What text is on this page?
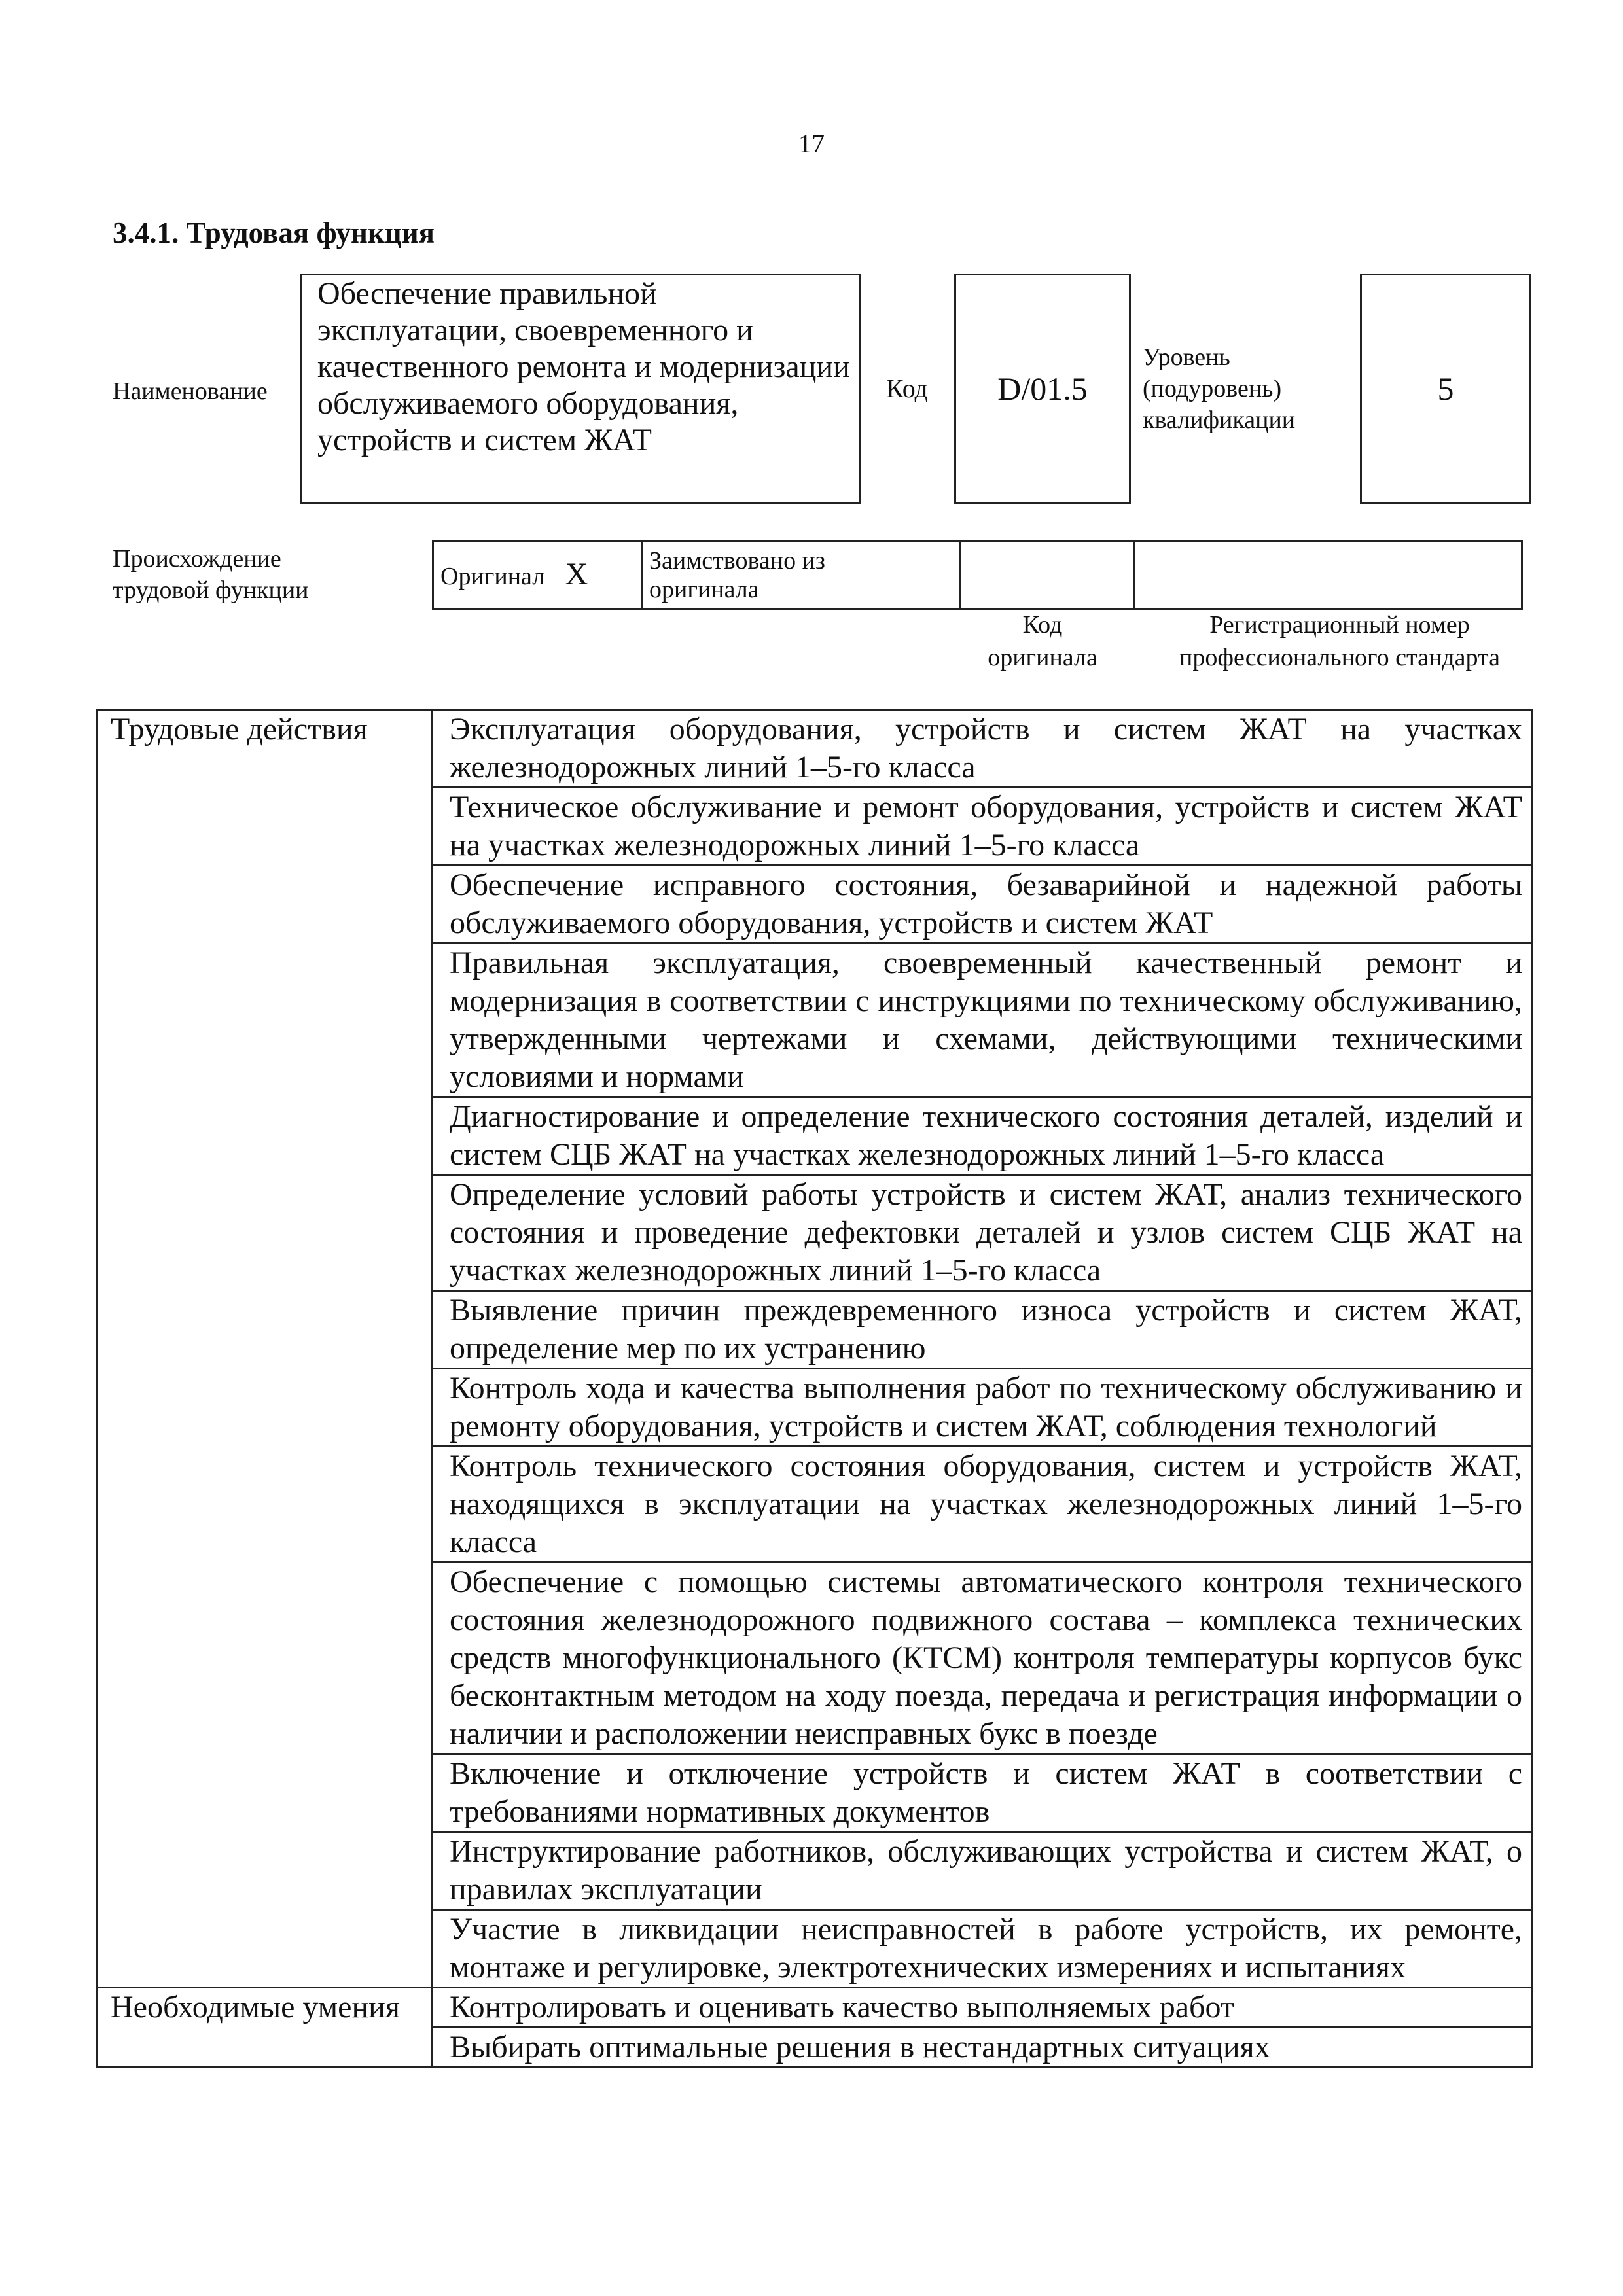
17
3.4.1. Трудовая функция
Наименование
Обеспечение правильной эксплуатации, своевременного и качественного ремонта и модернизации обслуживаемого оборудования, устройств и систем ЖАТ
Код D/01.5
Уровень
(подуровень)
квалификации
5
Происхождение
трудовой функции
Оригинал X	Заимствовано из
оригинала

Код
оригинала
Регистрационный номер
профессионального стандарта
Трудовые действия	Эксплуатация оборудования, устройств и систем ЖАТ на участках железнодорожных линий 1–5-го класса
	Техническое обслуживание и ремонт оборудования, устройств и систем ЖАТ на участках железнодорожных линий 1–5-го класса
	Обеспечение исправного состояния, безаварийной и надежной работы обслуживаемого оборудования, устройств и систем ЖАТ
	Правильная эксплуатация, своевременный качественный ремонт и модернизация в соответствии с инструкциями по техническому обслуживанию, утвержденными чертежами и схемами, действующими техническими условиями и нормами
	Диагностирование и определение технического состояния деталей, изделий и систем СЦБ ЖАТ на участках железнодорожных линий 1–5-го класса
	Определение условий работы устройств и систем ЖАТ, анализ технического состояния и проведение дефектовки деталей и узлов систем СЦБ ЖАТ на участках железнодорожных линий 1–5-го класса
	Выявление причин преждевременного износа устройств и систем ЖАТ, определение мер по их устранению
	Контроль хода и качества выполнения работ по техническому обслуживанию и ремонту оборудования, устройств и систем ЖАТ, соблюдения технологий
	Контроль технического состояния оборудования, систем и устройств ЖАТ, находящихся в эксплуатации на участках железнодорожных линий 1–5-го класса
	Обеспечение с помощью системы автоматического контроля технического состояния железнодорожного подвижного состава – комплекса технических средств многофункционального (КТСМ) контроля температуры корпусов букс бесконтактным методом на ходу поезда, передача и регистрация информации о наличии и расположении неисправных букс в поезде
	Включение и отключение устройств и систем ЖАТ в соответствии с требованиями нормативных документов
	Инструктирование работников, обслуживающих устройства и систем ЖАТ, о правилах эксплуатации
	Участие в ликвидации неисправностей в работе устройств, их ремонте, монтаже и регулировке, электротехнических измерениях и испытаниях
Необходимые умения	Контролировать и оценивать качество выполняемых работ
	Выбирать оптимальные решения в нестандартных ситуациях
